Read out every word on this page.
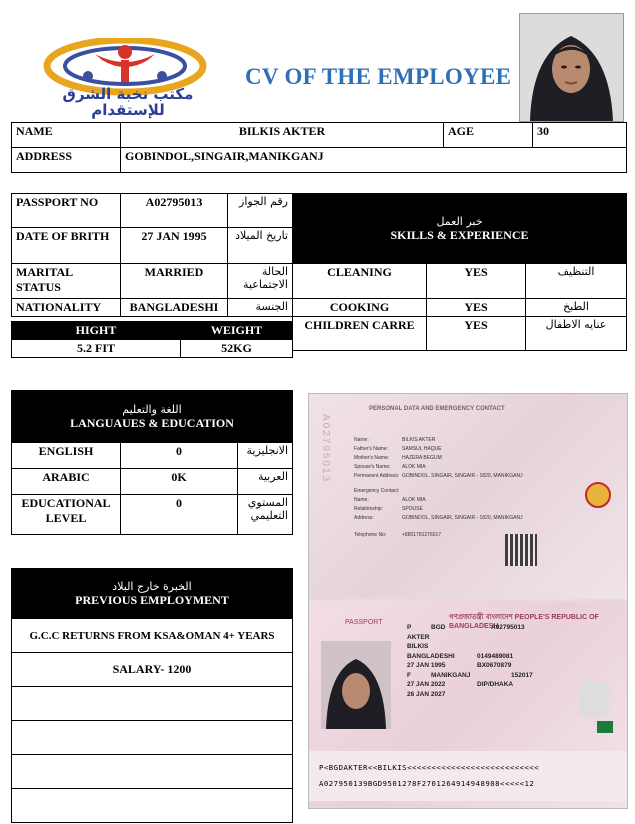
مكتب نخبة الشرق
للإستقدام
CV OF THE EMPLOYEE
NAME	BILKIS AKTER	AGE	30
ADDRESS	GOBINDOL,SINGAIR,MANIKGANJ		
PASSPORT NO	A02795013	رقم الجواز
DATE OF BRITH	27 JAN 1995	تاريخ الميلاد
MARITAL STATUS	MARRIED	الحالة الاجتماعية
NATIONALITY	BANGLADESHI	الجنسة
HIGHT	WEIGHT
5.2 FIT	52KG
خبر العمل
SKILLS & EXPERIENCE		
CLEANING	YES	التنظيف
COOKING	YES	الطبخ
CHILDREN CARRE	YES	عنايه الاطفال
اللغة والتعليم
LANGUAUES & EDUCATION		
ENGLISH	0	الانجليزية
ARABIC	0K	العربية
EDUCATIONAL LEVEL	0	المستوي التعليمي
الخبرة خارج البلاد
PREVIOUS EMPLOYMENT
G.C.C RETURNS FROM KSA&OMAN 4+ YEARS
SALARY- 1200

PERSONAL DATA AND EMERGENCY CONTACT
A02795013	Name:	BILKIS AKTER
Father's Name:	SAMSUL HAQUE
Mother's Name:	HAZERA BEGUM
Spouse's Name: ALOK MIA
Permanent Address: GOBINDOL, SINGAIR, SINGAIR - 1820, MANIKGANJ
Emergency Contact:
Name:	ALOK MIA
Relationship:	SPOUSE
Address:	GOBINDOL, SINGAIR, SINGAIR - 1820, MANIKGANJ
Telephone No:	+8801781276017
গণপ্রজাতন্ত্রী বাংলাদেশ PEOPLE'S REPUBLIC OF BANGLADESH
PASSPORT
P	BGD	A02795013
AKTER
BILKIS
BANGLADESHI	0149489081
27 JAN 1995	BX0670879
F	MANIKGANJ	152017
27 JAN 2022	DIP/DHAKA
26 JAN 2027
P<BGDAKTER<<BILKIS<<<<<<<<<<<<<<<<<<<<<<<<<<<
A027950139BGD9501278F2701264914948908<<<<<12
